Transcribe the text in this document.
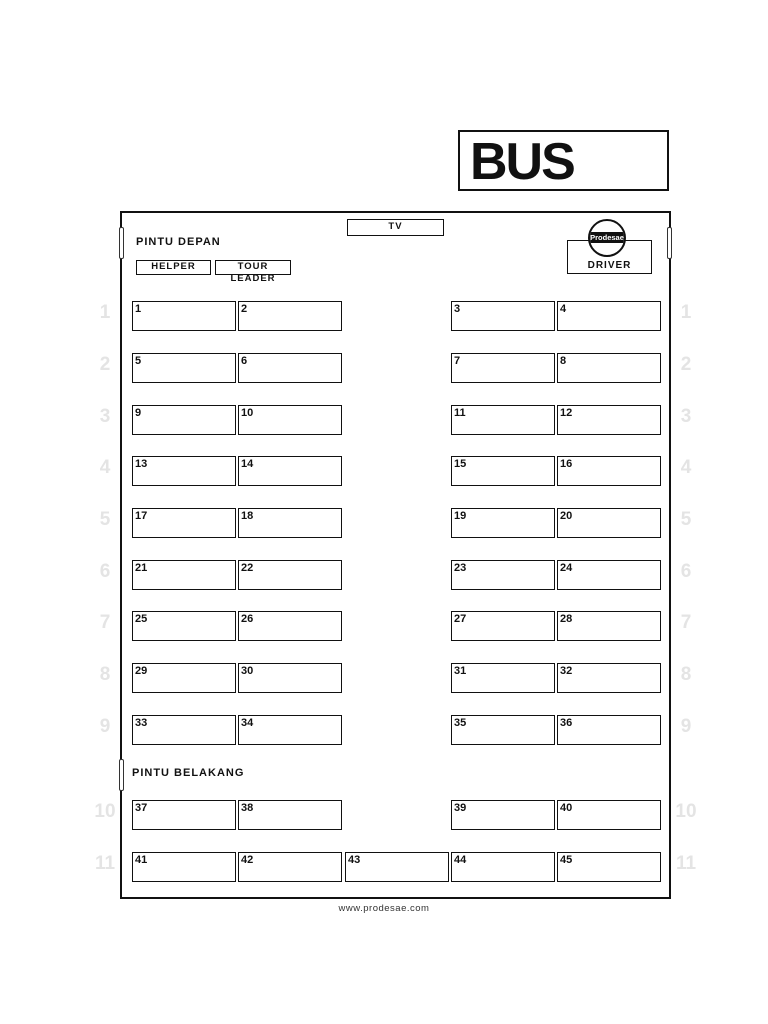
BUS
TV
PINTU DEPAN
HELPER	TOUR LEADER
DRIVER
Prodesae
PINTU BELAKANG
1	2	3	4
5	6	7	8
9	10	11	12
13	14	15	16
17	18	19	20
21	22	23	24
25	26	27	28
29	30	31	32
33	34	35	36
37	38	39	40
41	42	43	44	45
1	1
2	2
3	3
4	4
5	5
6	6
7	7
8	8
9	9
10	10
11	11
www.prodesae.com
